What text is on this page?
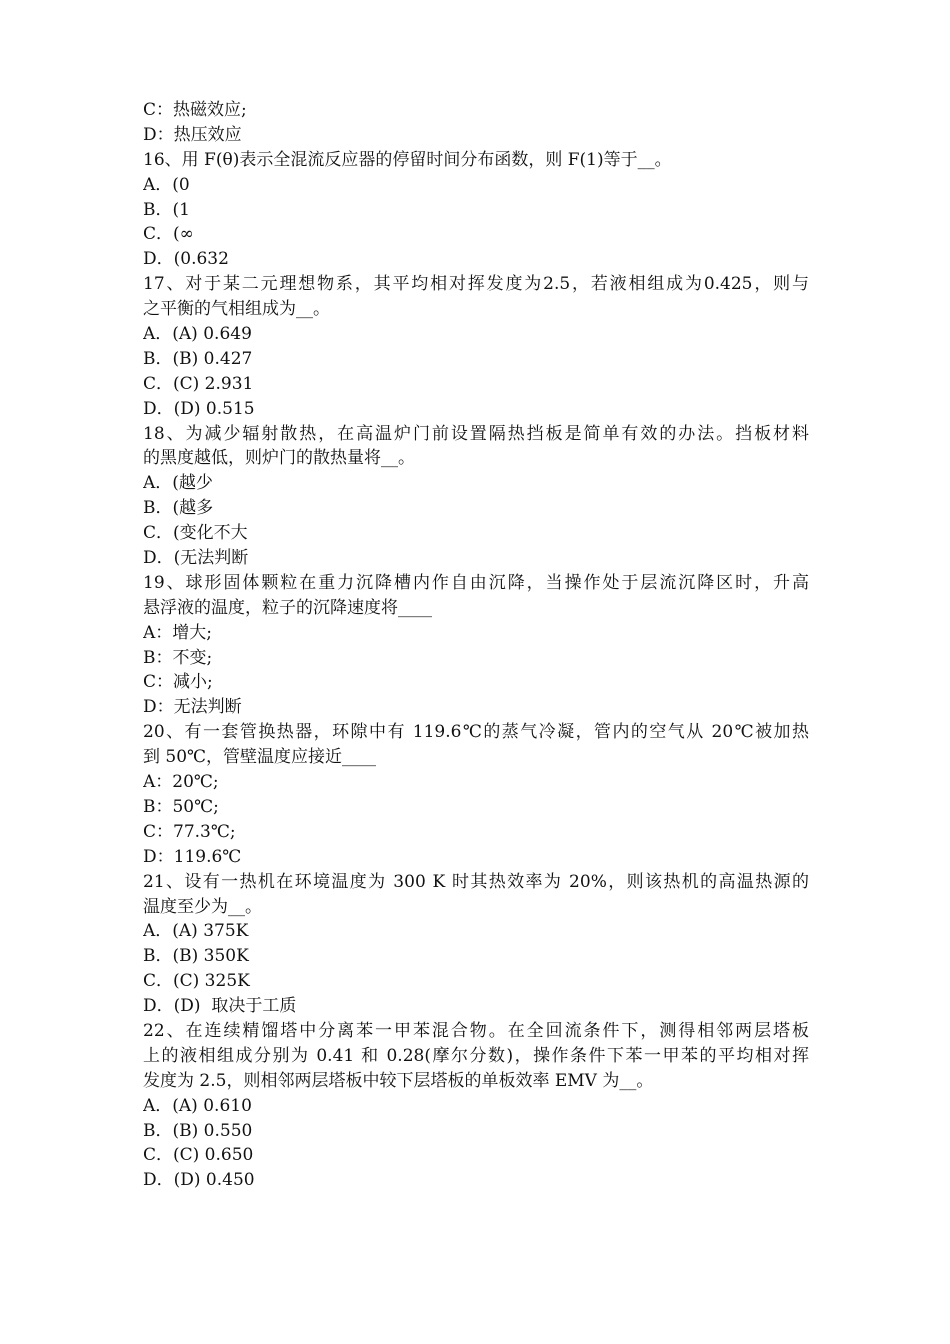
C：热磁效应;
D：热压效应
16、用 F(θ)表示全混流反应器的停留时间分布函数，则 F(1)等于__。
A．(0
B．(1
C．(∞
D．(0.632
17、对于某二元理想物系，其平均相对挥发度为2.5，若液相组成为0.425，则与
之平衡的气相组成为__。
A．(A) 0.649
B．(B) 0.427
C．(C) 2.931
D．(D) 0.515
18、为减少辐射散热，在高温炉门前设置隔热挡板是简单有效的办法。挡板材料
的黑度越低，则炉门的散热量将__。
A．(越少
B．(越多
C．(变化不大
D．(无法判断
19、球形固体颗粒在重力沉降槽内作自由沉降，当操作处于层流沉降区时，升高
悬浮液的温度，粒子的沉降速度将____
A：增大;
B：不变;
C：减小;
D：无法判断
20、有一套管换热器，环隙中有 119.6℃的蒸气冷凝，管内的空气从 20℃被加热
到 50℃，管壁温度应接近____
A：20℃;
B：50℃;
C：77.3℃;
D：119.6℃
21、设有一热机在环境温度为 300 K 时其热效率为 20%，则该热机的高温热源的
温度至少为__。
A．(A) 375K
B．(B) 350K
C．(C) 325K
D．(D)  取决于工质
22、在连续精馏塔中分离苯一甲苯混合物。在全回流条件下，测得相邻两层塔板
上的液相组成分别为 0.41 和 0.28(摩尔分数)，操作条件下苯一甲苯的平均相对挥
发度为 2.5，则相邻两层塔板中较下层塔板的单板效率 EMV 为__。
A．(A) 0.610
B．(B) 0.550
C．(C) 0.650
D．(D) 0.450
